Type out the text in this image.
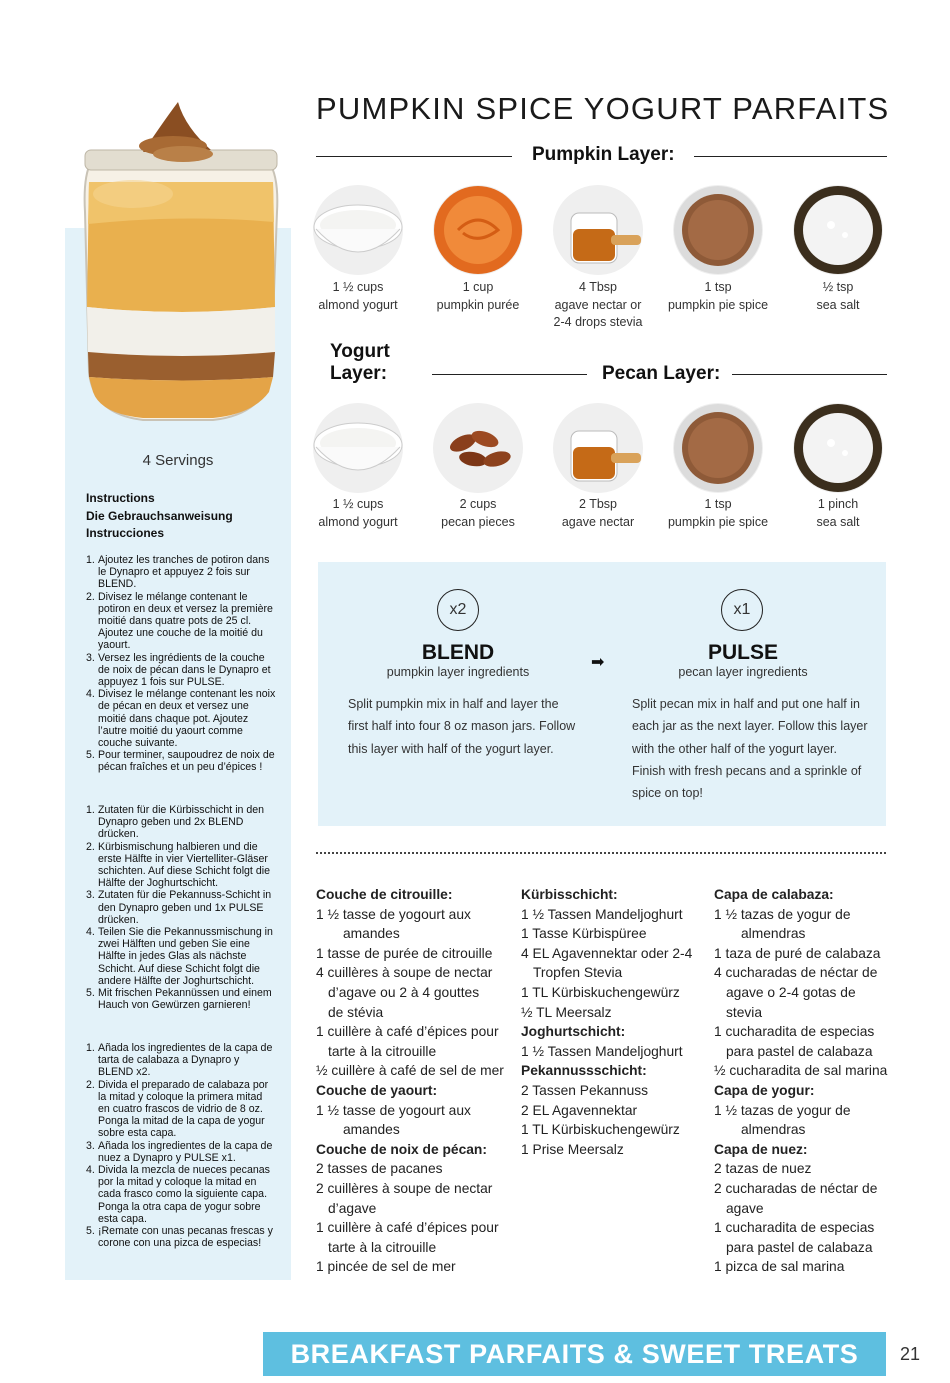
4 Servings
Instructions
Die Gebrauchsanweisung
Instrucciones
1. Ajoutez les tranches de potiron dans le Dynapro et appuyez 2 fois sur BLEND.
2. Divisez le mélange contenant le potiron en deux et versez la première moitié dans quatre pots de 25 cl. Ajoutez une couche de la moitié du yaourt.
3. Versez les ingrédients de la couche de noix de pécan dans le Dynapro et appuyez 1 fois sur PULSE.
4. Divisez le mélange contenant les noix de pécan en deux et versez une moitié dans chaque pot. Ajoutez l’autre moitié du yaourt comme couche suivante.
5. Pour terminer, saupoudrez de noix de pécan fraîches et un peu d’épices !
1. Zutaten für die Kürbisschicht in den Dynapro geben und 2x BLEND drücken.
2. Kürbismischung halbieren und die erste Hälfte in vier Viertelliter-Gläser schichten. Auf diese Schicht folgt die Hälfte der Joghurtschicht.
3. Zutaten für die Pekannuss-Schicht in den Dynapro geben und 1x PULSE drücken.
4. Teilen Sie die Pekannussmischung in zwei Hälften und geben Sie eine Hälfte in jedes Glas als nächste Schicht. Auf diese Schicht folgt die andere Hälfte der Joghurtschicht.
5. Mit frischen Pekannüssen und einem Hauch von Gewürzen garnieren!
1. Añada los ingredientes de la capa de tarta de calabaza a Dynapro y BLEND x2.
2. Divida el preparado de calabaza por la mitad y coloque la primera mitad en cuatro frascos de vidrio de 8 oz. Ponga la mitad de la capa de yogur sobre esta capa.
3. Añada los ingredientes de la capa de nuez a Dynapro y PULSE x1.
4. Divida la mezcla de nueces pecanas por la mitad y coloque la mitad en cada frasco como la siguiente capa. Ponga la otra capa de yogur sobre esta capa.
5. ¡Remate con unas pecanas frescas y corone con una pizca de especias!
PUMPKIN SPICE YOGURT PARFAITS
Pumpkin Layer:
1 ½ cups
almond yogurt
1 cup
pumpkin purée
4 Tbsp
agave nectar or
2-4 drops stevia
1 tsp
pumpkin pie spice
½ tsp
sea salt
Yogurt
Layer:	Pecan Layer:
1 ½ cups
almond yogurt
2 cups
pecan pieces
2 Tbsp
agave nectar
1 tsp
pumpkin pie spice
1 pinch
sea salt
x2
BLEND
pumpkin layer ingredients
➡
x1
PULSE
pecan layer ingredients
Split pumpkin mix in half and layer the
first half into four 8 oz mason jars. Follow
this layer with half of the yogurt layer.
Split pecan mix in half and put one half in
each jar as the next layer. Follow this layer
with the other half of the yogurt layer.
Finish with fresh pecans and a sprinkle of
spice on top!
Couche de citrouille:
1 ½ tasse de yogourt aux
amandes
1 tasse de purée de citrouille
4 cuillères à soupe de nectar
d’agave ou 2 à 4 gouttes
de stévia
1 cuillère à café d’épices pour
tarte à la citrouille
½ cuillère à café de sel de mer
Couche de yaourt:
1 ½ tasse de yogourt aux
amandes
Couche de noix de pécan:
2 tasses de pacanes
2 cuillères à soupe de nectar
d’agave
1 cuillère à café d’épices pour
tarte à la citrouille
1 pincée de sel de mer
Kürbisschicht:
1 ½ Tassen Mandeljoghurt
1 Tasse Kürbispüree
4 EL Agavennektar oder 2-4
Tropfen Stevia
1 TL Kürbiskuchengewürz
½ TL Meersalz
Joghurtschicht:
1 ½ Tassen Mandeljoghurt
Pekannussschicht:
2 Tassen Pekannuss
2 EL Agavennektar
1 TL Kürbiskuchengewürz
1 Prise Meersalz
Capa de calabaza:
1 ½ tazas de yogur de
almendras
1 taza de puré de calabaza
4 cucharadas de néctar de
agave o 2-4 gotas de stevia
1 cucharadita de especias
para pastel de calabaza
½ cucharadita de sal marina
Capa de yogur:
1 ½ tazas de yogur de
almendras
Capa de nuez:
2 tazas de nuez
2 cucharadas de néctar de
agave
1 cucharadita de especias
para pastel de calabaza
1 pizca de sal marina
BREAKFAST PARFAITS & SWEET TREATS	21
